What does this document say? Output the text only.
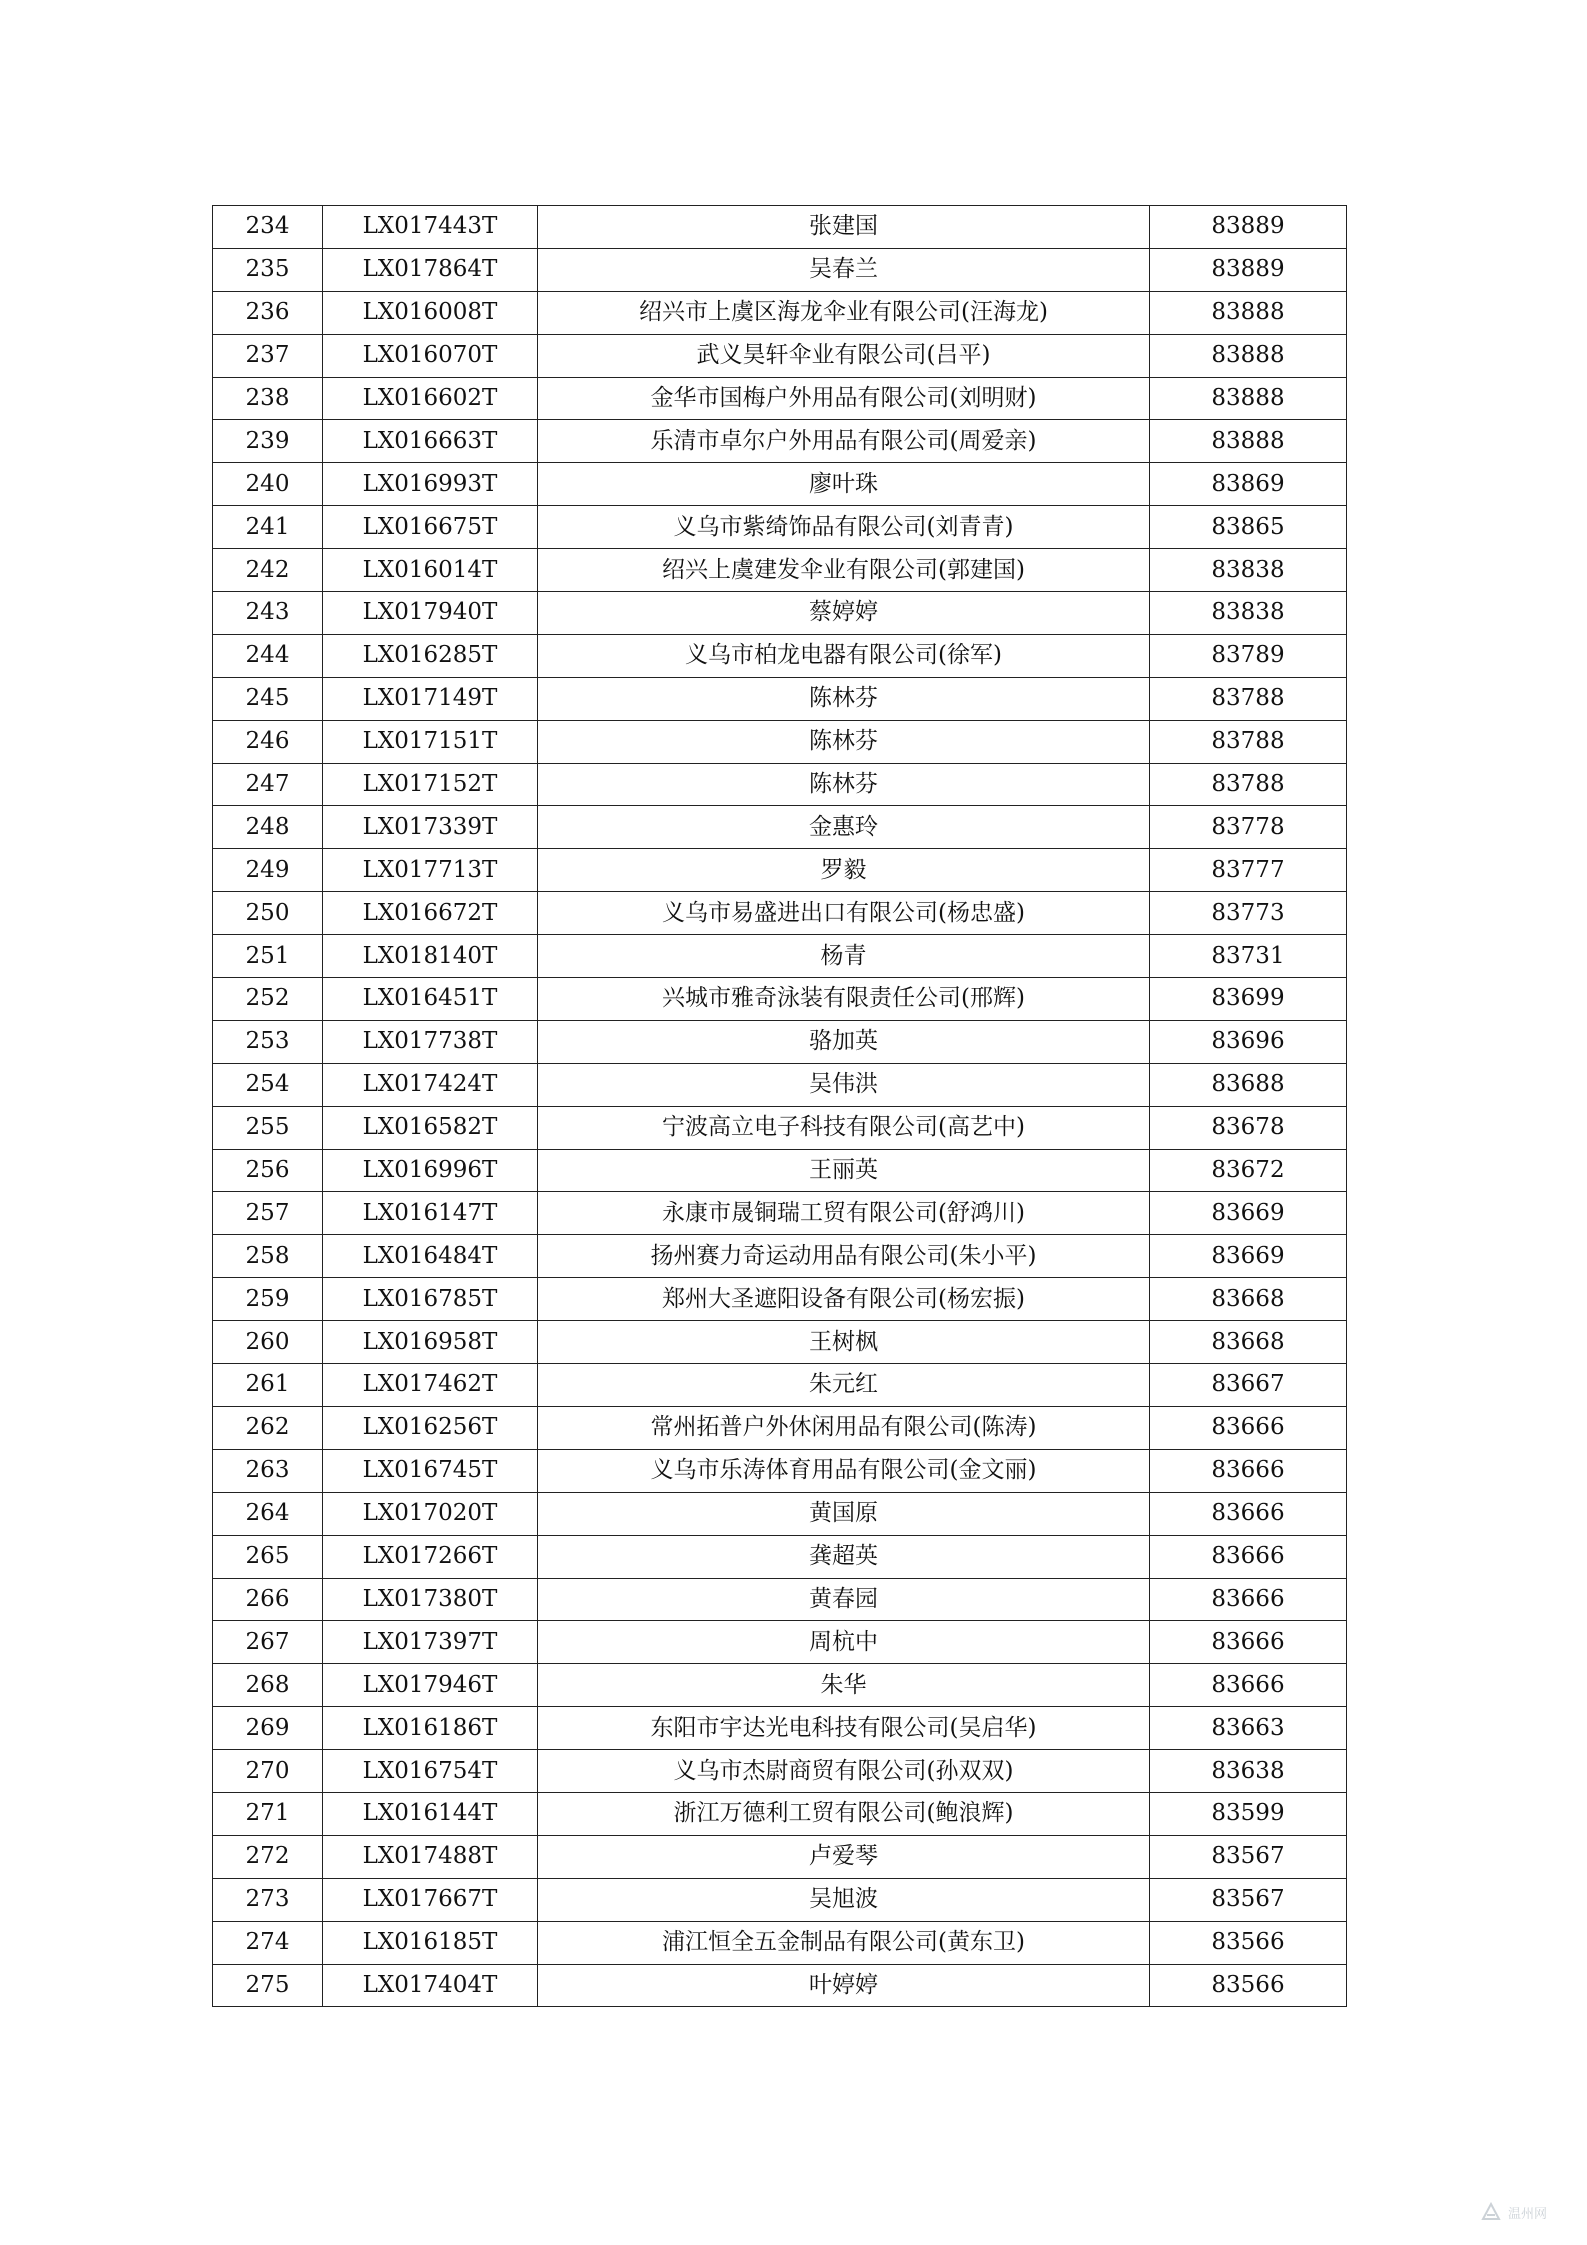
234	LX017443T	张建国	83889
235	LX017864T	吴春兰	83889
236	LX016008T	绍兴市上虞区海龙伞业有限公司(汪海龙)	83888
237	LX016070T	武义昊轩伞业有限公司(吕平)	83888
238	LX016602T	金华市国梅户外用品有限公司(刘明财)	83888
239	LX016663T	乐清市卓尔户外用品有限公司(周爱亲)	83888
240	LX016993T	廖叶珠	83869
241	LX016675T	义乌市紫绮饰品有限公司(刘青青)	83865
242	LX016014T	绍兴上虞建发伞业有限公司(郭建国)	83838
243	LX017940T	蔡婷婷	83838
244	LX016285T	义乌市柏龙电器有限公司(徐军)	83789
245	LX017149T	陈林芬	83788
246	LX017151T	陈林芬	83788
247	LX017152T	陈林芬	83788
248	LX017339T	金惠玲	83778
249	LX017713T	罗毅	83777
250	LX016672T	义乌市易盛进出口有限公司(杨忠盛)	83773
251	LX018140T	杨青	83731
252	LX016451T	兴城市雅奇泳装有限责任公司(邢辉)	83699
253	LX017738T	骆加英	83696
254	LX017424T	吴伟洪	83688
255	LX016582T	宁波高立电子科技有限公司(高艺中)	83678
256	LX016996T	王丽英	83672
257	LX016147T	永康市晟铜瑞工贸有限公司(舒鸿川)	83669
258	LX016484T	扬州赛力奇运动用品有限公司(朱小平)	83669
259	LX016785T	郑州大圣遮阳设备有限公司(杨宏振)	83668
260	LX016958T	王树枫	83668
261	LX017462T	朱元红	83667
262	LX016256T	常州拓普户外休闲用品有限公司(陈涛)	83666
263	LX016745T	义乌市乐涛体育用品有限公司(金文丽)	83666
264	LX017020T	黄国原	83666
265	LX017266T	龚超英	83666
266	LX017380T	黄春园	83666
267	LX017397T	周杭中	83666
268	LX017946T	朱华	83666
269	LX016186T	东阳市宇达光电科技有限公司(吴启华)	83663
270	LX016754T	义乌市杰尉商贸有限公司(孙双双)	83638
271	LX016144T	浙江万德利工贸有限公司(鲍浪辉)	83599
272	LX017488T	卢爱琴	83567
273	LX017667T	吴旭波	83567
274	LX016185T	浦江恒全五金制品有限公司(黄东卫)	83566
275	LX017404T	叶婷婷	83566
温州网
